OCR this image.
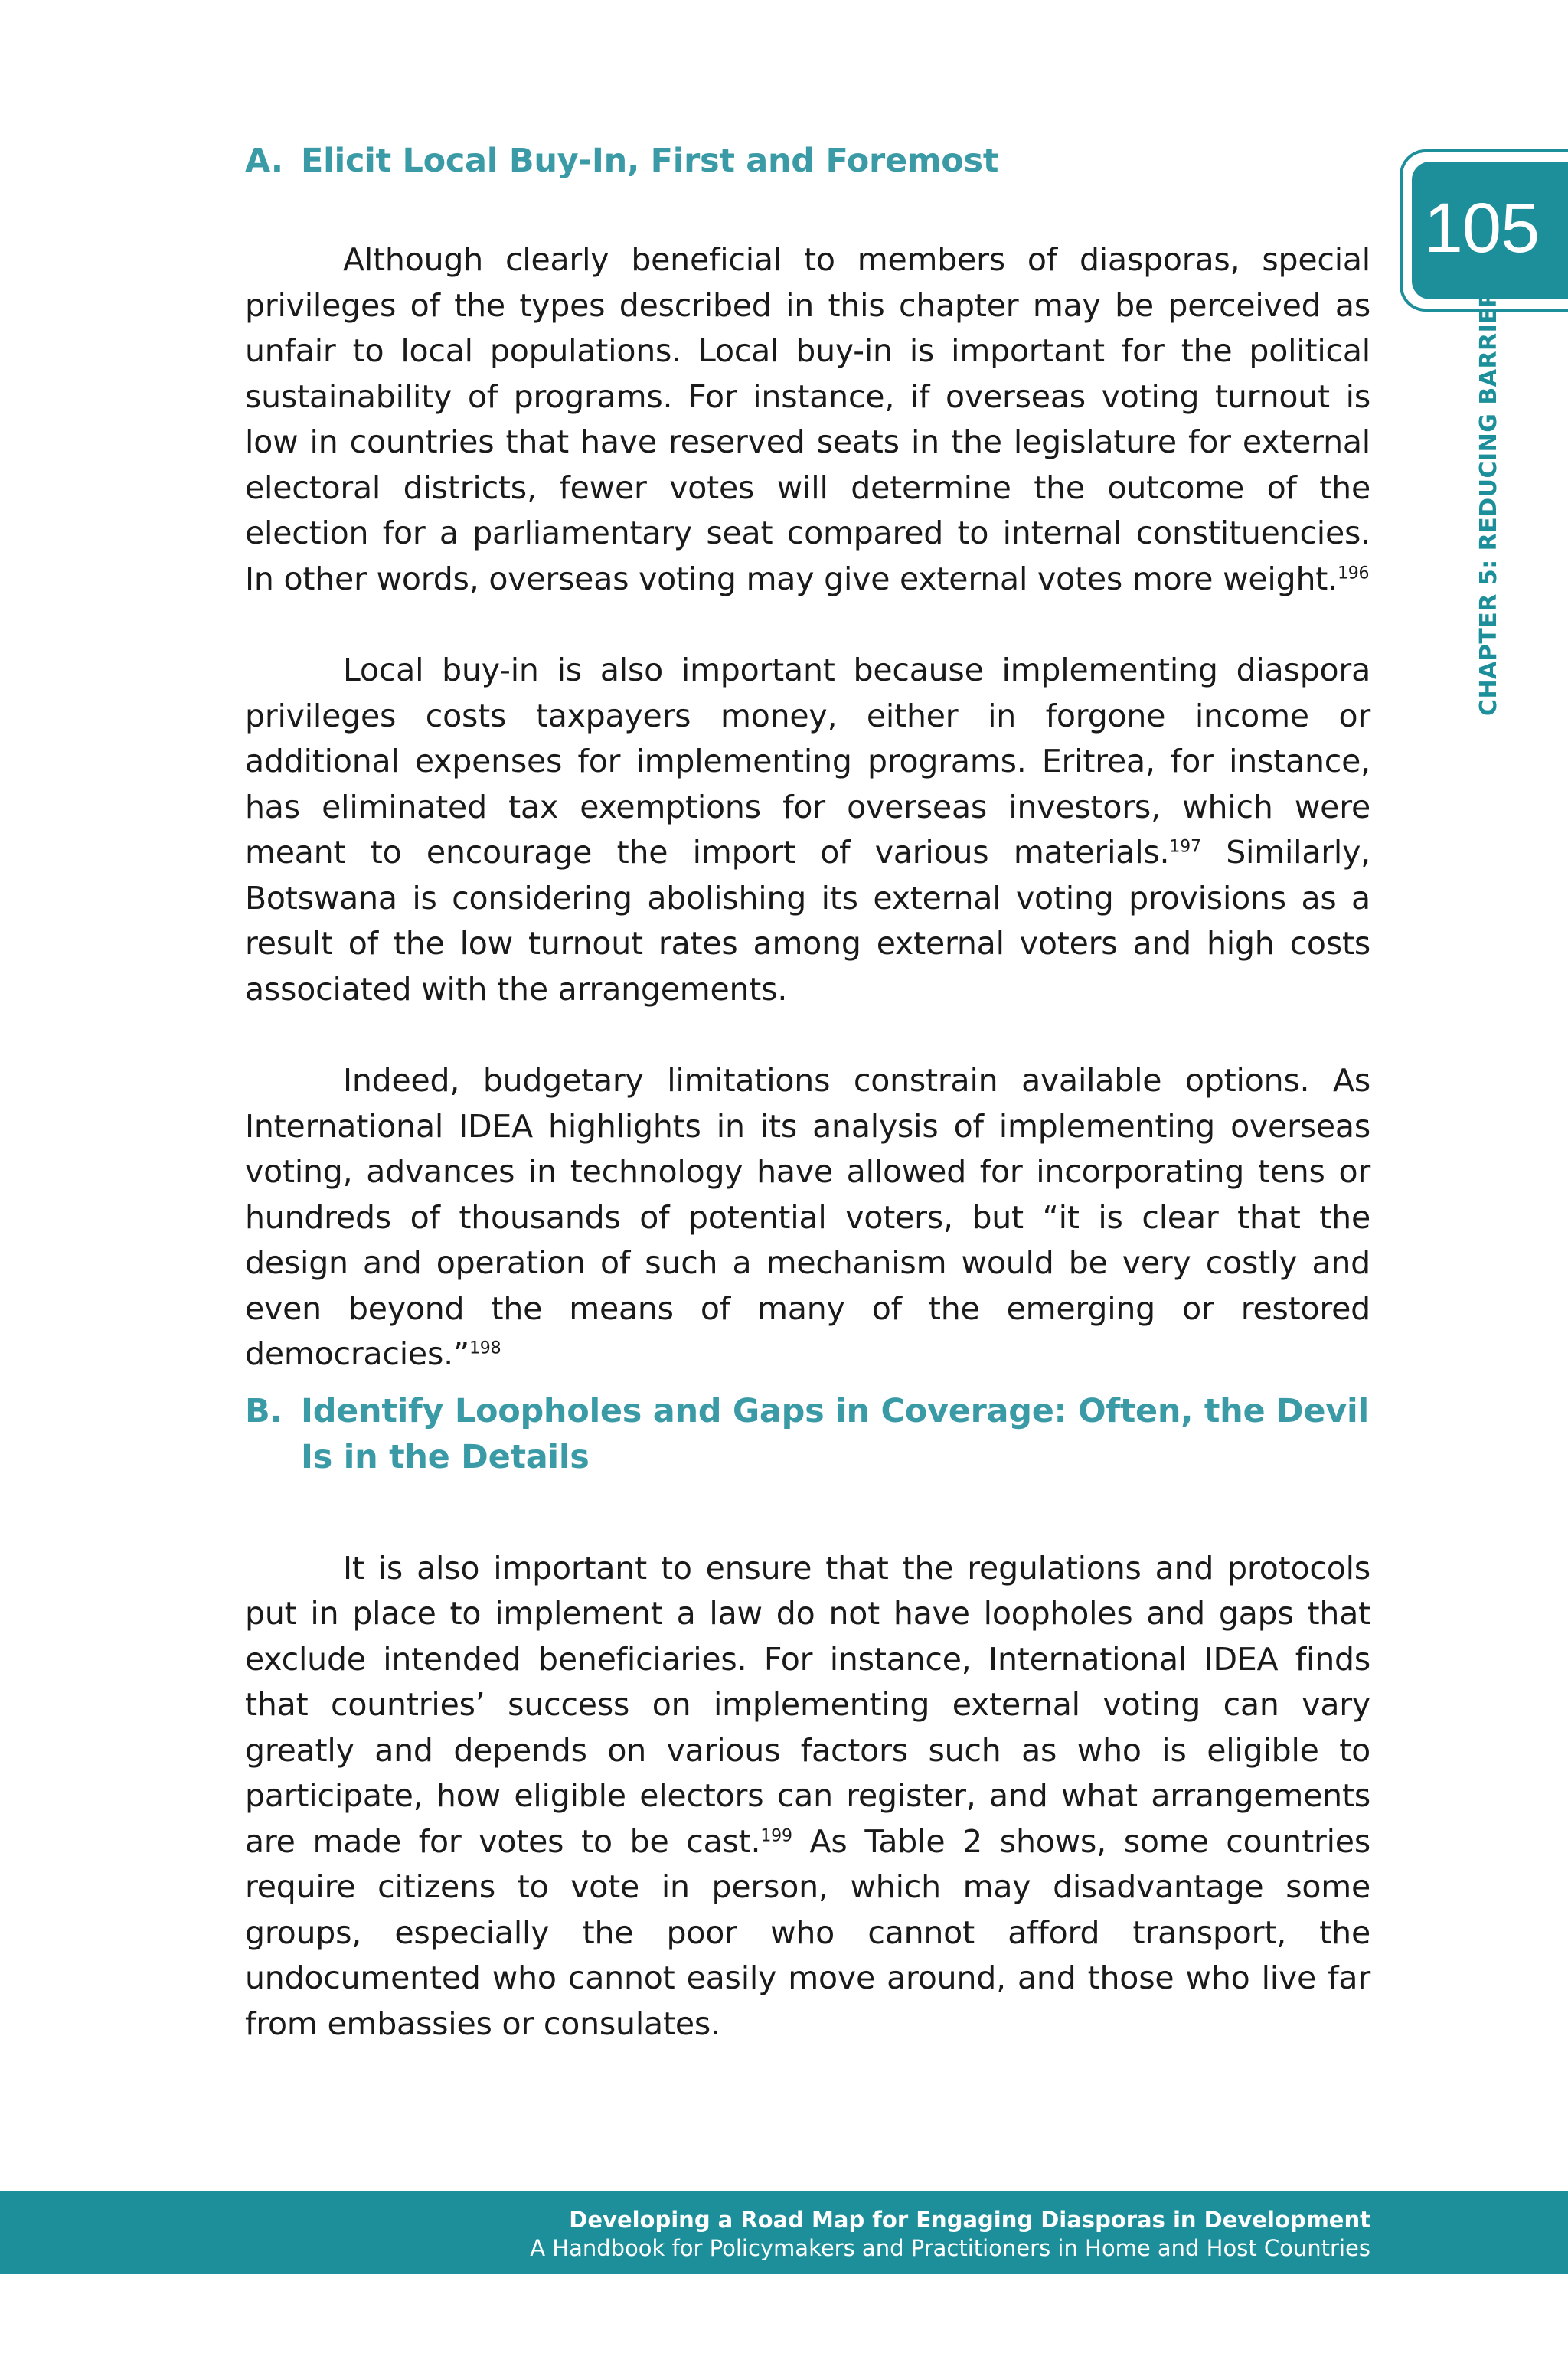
A. Elicit Local Buy-In, First and Foremost

Although clearly beneficial to members of diasporas, special privileges of the types described in this chapter may be perceived as unfair to local populations. Local buy-in is important for the political sustainability of programs. For instance, if overseas voting turnout is low in countries that have reserved seats in the legislature for external electoral districts, fewer votes will determine the outcome of the election for a parliamentary seat compared to internal constituencies. In other words, overseas voting may give external votes more weight.$^{196}$

Local buy-in is also important because implementing diaspora privileges costs taxpayers money, either in forgone income or additional expenses for implementing programs. Eritrea, for instance, has eliminated tax exemptions for overseas investors, which were meant to encourage the import of various materials.$^{197}$ Similarly, Botswana is considering abolishing its external voting provisions as a result of the low turnout rates among external voters and high costs associated with the arrangements.

Indeed, budgetary limitations constrain available options. As International IDEA highlights in its analysis of implementing overseas voting, advances in technology have allowed for incorporating tens or hundreds of thousands of potential voters, but “it is clear that the design and operation of such a mechanism would be very costly and even beyond the means of many of the emerging or restored democracies.”$^{198}$

B. Identify Loopholes and Gaps in Coverage: Often, the Devil Is in the Details

It is also important to ensure that the regulations and protocols put in place to implement a law do not have loopholes and gaps that exclude intended beneficiaries. For instance, International IDEA finds that countries’ success on implementing external voting can vary greatly and depends on various factors such as who is eligible to participate, how eligible electors can register, and what arrangements are made for votes to be cast.$^{199}$ As Table 2 shows, some countries require citizens to vote in person, which may disadvantage some groups, especially the poor who cannot afford transport, the undocumented who cannot easily move around, and those who live far from embassies or consulates.

105
CHAPTER 5: REDUCING BARRIERS
Developing a Road Map for Engaging Diasporas in Development
A Handbook for Policymakers and Practitioners in Home and Host Countries
